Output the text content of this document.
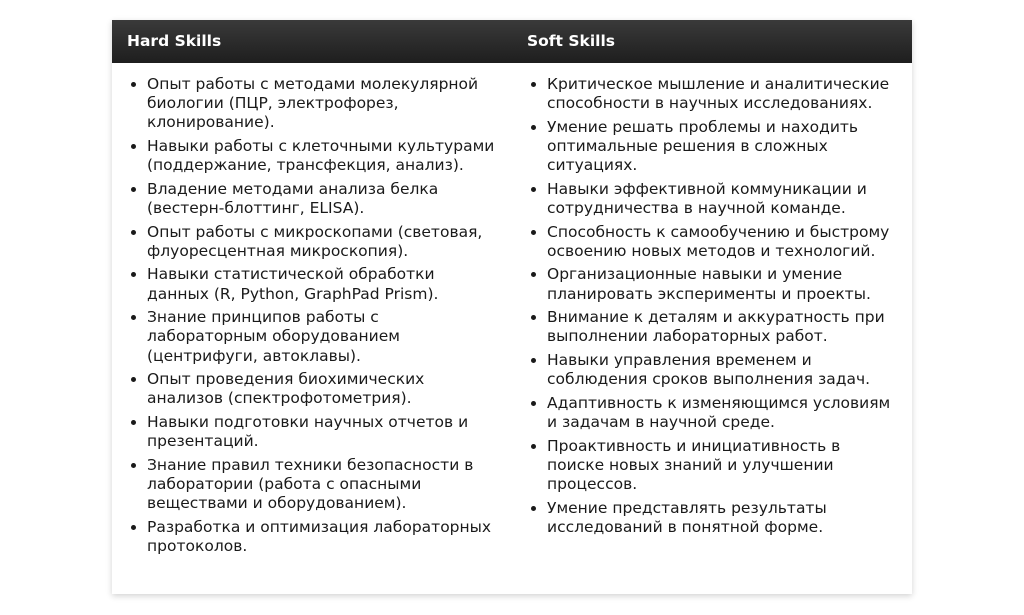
Hard Skills	Soft Skills
• Опыт работы с методами молекулярной биологии (ПЦР, электрофорез, клонирование).
• Навыки работы с клеточными культурами (поддержание, трансфекция, анализ).
• Владение методами анализа белка (вестерн-блоттинг, ELISA).
• Опыт работы с микроскопами (световая, флуоресцентная микроскопия).
• Навыки статистической обработки данных (R, Python, GraphPad Prism).
• Знание принципов работы с лабораторным оборудованием (центрифуги, автоклавы).
• Опыт проведения биохимических анализов (спектрофотометрия).
• Навыки подготовки научных отчетов и презентаций.
• Знание правил техники безопасности в лаборатории (работа с опасными веществами и оборудованием).
• Разработка и оптимизация лабораторных протоколов.
• Критическое мышление и аналитические способности в научных исследованиях.
• Умение решать проблемы и находить оптимальные решения в сложных ситуациях.
• Навыки эффективной коммуникации и сотрудничества в научной команде.
• Способность к самообучению и быстрому освоению новых методов и технологий.
• Организационные навыки и умение планировать эксперименты и проекты.
• Внимание к деталям и аккуратность при выполнении лабораторных работ.
• Навыки управления временем и соблюдения сроков выполнения задач.
• Адаптивность к изменяющимся условиям и задачам в научной среде.
• Проактивность и инициативность в поиске новых знаний и улучшении процессов.
• Умение представлять результаты исследований в понятной форме.
